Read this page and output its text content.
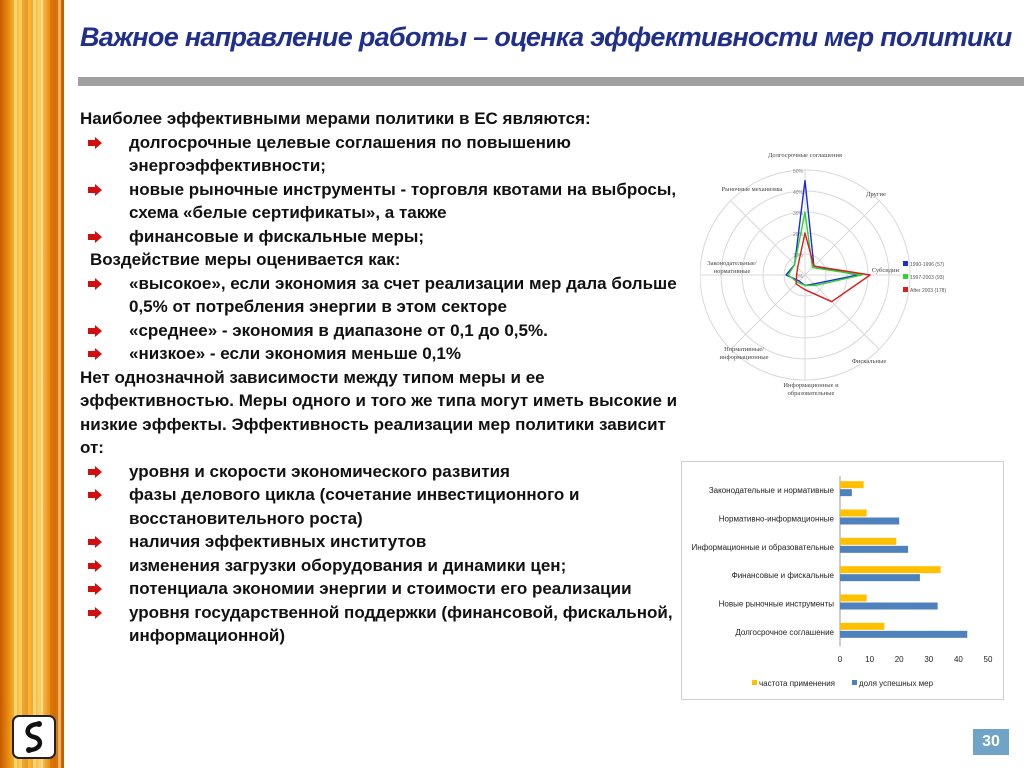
Важное направление работы – оценка эффективности мер политики
Наиболее эффективными мерами политики в ЕС являются:
долгосрочные целевые соглашения по повышению энергоэффективности;
новые рыночные инструменты - торговля квотами на выбросы, схема «белые сертификаты», а также
финансовые и фискальные меры;
Воздействие меры оценивается как:
«высокое», если экономия за счет реализации мер дала больше 0,5% от потребления энергии в этом секторе
«среднее» - экономия в диапазоне от 0,1 до 0,5%.
«низкое» - если экономия меньше 0,1%
Нет однозначной зависимости между типом меры и ее эффективностью. Меры одного и того же типа могут иметь высокие и низкие эффекты. Эффективность реализации мер политики зависит от:
уровня и скорости экономического развития
фазы делового цикла (сочетание инвестиционного и восстановительного роста)
наличия эффективных институтов
изменения загрузки оборудования и динамики цен;
потенциала экономии энергии и стоимости его реализации
уровня государственной поддержки (финансовой, фискальной, информационной)
0%
10%
20%
30%
40%
50%
Долгосрочные соглашения
Другие
Субсидии
Фискальные
Информационные и образовательные
Нормативные/ информационные
Законодательные/ нормативные
Рыночные механизмы
1990-1996 (57)
1997-2003 (93)
After 2003 (178)
Законодательные и нормативные
Нормативно-информационные
Информационные и образовательные
Финансовые и фискальные
Новые рыночные инструменты
Долгосрочное соглашение
0	10	20	30	40	50
частота применения	доля успешных мер
30
